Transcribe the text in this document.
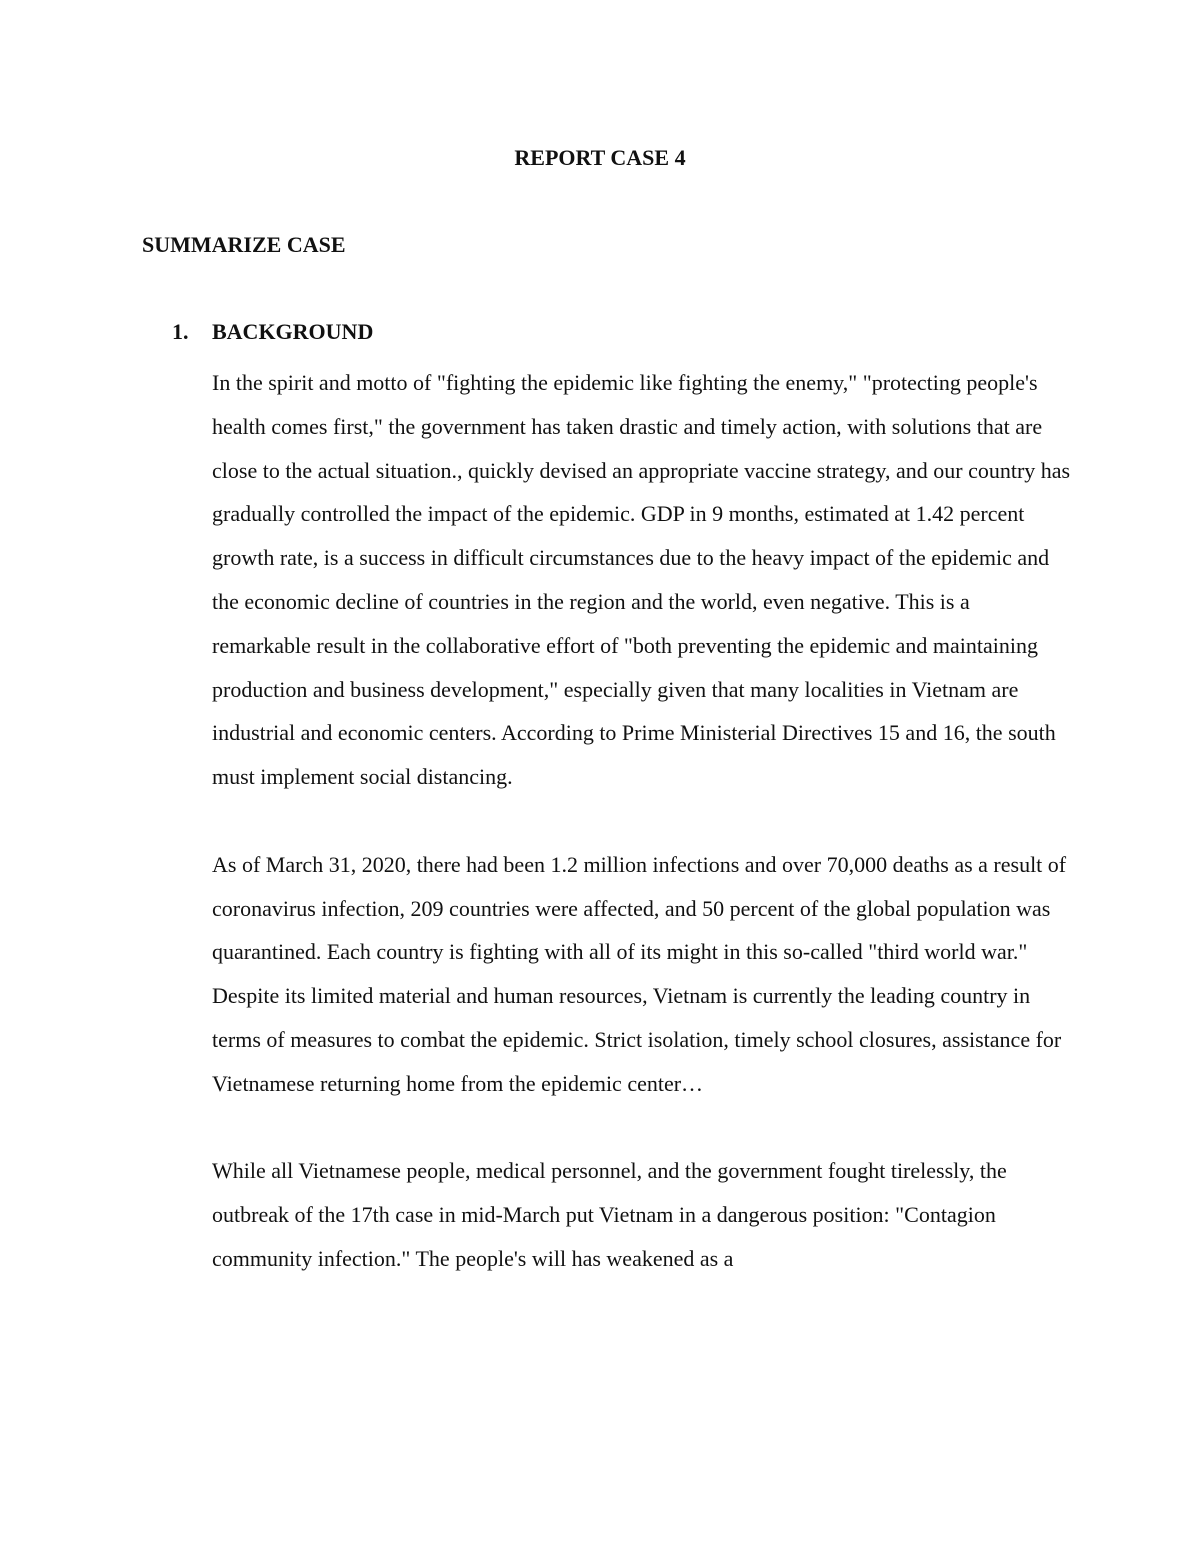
REPORT CASE 4
SUMMARIZE CASE
1.	BACKGROUND

In the spirit and motto of "fighting the epidemic like fighting the enemy," "protecting people's health comes first," the government has taken drastic and timely action, with solutions that are close to the actual situation., quickly devised an appropriate vaccine strategy, and our country has gradually controlled the impact of the epidemic. GDP in 9 months, estimated at 1.42 percent growth rate, is a success in difficult circumstances due to the heavy impact of the epidemic and the economic decline of countries in the region and the world, even negative. This is a remarkable result in the collaborative effort of "both preventing the epidemic and maintaining production and business development," especially given that many localities in Vietnam are industrial and economic centers. According to Prime Ministerial Directives 15 and 16, the south must implement social distancing.

As of March 31, 2020, there had been 1.2 million infections and over 70,000 deaths as a result of coronavirus infection, 209 countries were affected, and 50 percent of the global population was quarantined. Each country is fighting with all of its might in this so-called "third world war." Despite its limited material and human resources, Vietnam is currently the leading country in terms of measures to combat the epidemic. Strict isolation, timely school closures, assistance for Vietnamese returning home from the epidemic center…

While all Vietnamese people, medical personnel, and the government fought tirelessly, the outbreak of the 17th case in mid-March put Vietnam in a dangerous position: "Contagion community infection." The people's will has weakened as a
